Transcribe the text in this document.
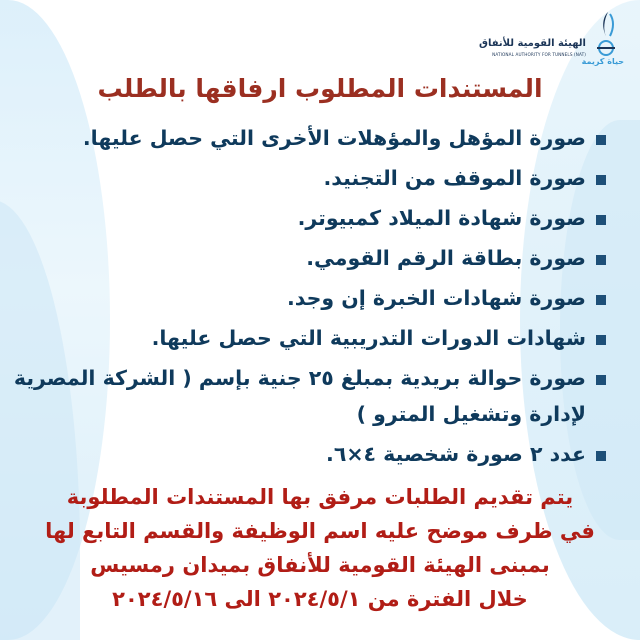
الهيئة القومية للأنفاق
NATIONAL AUTHORITY FOR TUNNELS (NAT)
حياة كريمة
المستندات المطلوب ارفاقها بالطلب
صورة المؤهل والمؤهلات الأخرى التي حصل عليها.
صورة الموقف من التجنيد.
صورة شهادة الميلاد كمبيوتر.
صورة بطاقة الرقم القومي.
صورة شهادات الخبرة إن وجد.
شهادات الدورات التدريبية التي حصل عليها.
صورة حوالة بريدية بمبلغ ٢٥ جنية بإسم ( الشركة المصرية
لإدارة وتشغيل المترو )
عدد ٢ صورة شخصية ٤×٦.
يتم تقديم الطلبات مرفق بها المستندات المطلوبة
في ظرف موضح عليه اسم الوظيفة والقسم التابع لها
بمبنى الهيئة القومية للأنفاق بميدان رمسيس
خلال الفترة من ٢٠٢٤/٥/١ الى ٢٠٢٤/٥/١٦
